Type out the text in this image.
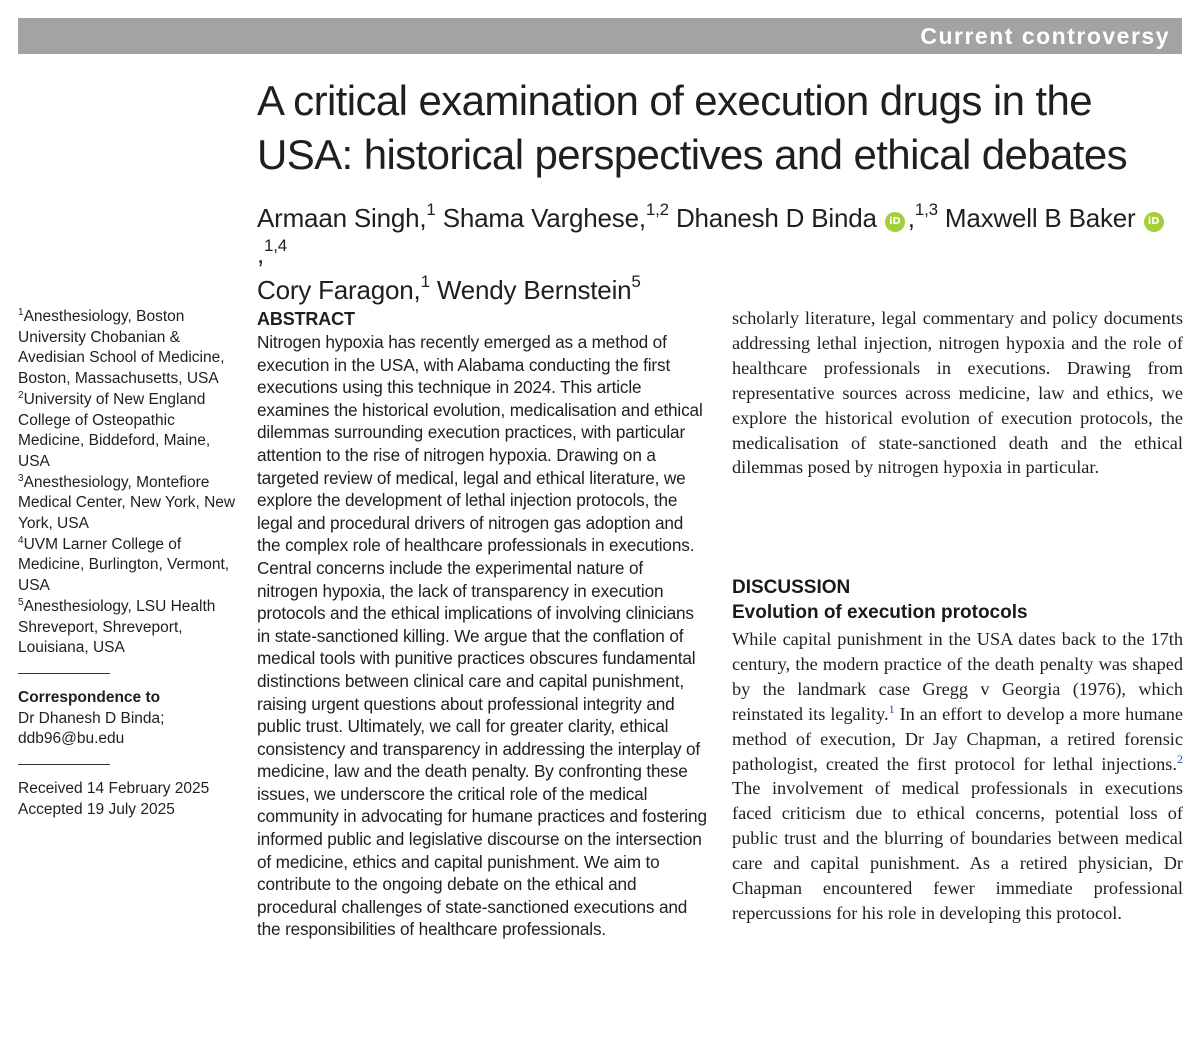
Current controversy
A critical examination of execution drugs in the USA: historical perspectives and ethical debates
Armaan Singh,$^1$ Shama Varghese,$^{1,2}$ Dhanesh D Binda iD ,$^{1,3}$ Maxwell B Baker iD,$^{1,4}$
Cory Faragon,$^1$ Wendy Bernstein$^5$

$^1$Anesthesiology, Boston University Chobanian & Avedisian School of Medicine, Boston, Massachusetts, USA

$^2$University of New England College of Osteopathic Medicine, Biddeford, Maine, USA

$^3$Anesthesiology, Montefiore Medical Center, New York, New York, USA

$^4$UVM Larner College of Medicine, Burlington, Vermont, USA

$^5$Anesthesiology, LSU Health Shreveport, Shreveport, Louisiana, USA

Correspondence to
Dr Dhanesh D Binda;
ddb96@bu.edu
Received 14 February 2025
Accepted 19 July 2025
ABSTRACT
Nitrogen hypoxia has recently emerged as a method of execution in the USA, with Alabama conducting the first executions using this technique in 2024. This article examines the historical evolution, medicalisation and ethical dilemmas surrounding execution practices, with particular attention to the rise of nitrogen hypoxia. Drawing on a targeted review of medical, legal and ethical literature, we explore the development of lethal injection protocols, the legal and procedural drivers of nitrogen gas adoption and the complex role of healthcare professionals in executions. Central concerns include the experimental nature of nitrogen hypoxia, the lack of transparency in execution protocols and the ethical implications of involving clinicians in state-sanctioned killing. We argue that the conflation of medical tools with punitive practices obscures fundamental distinctions between clinical care and capital punishment, raising urgent questions about professional integrity and public trust. Ultimately, we call for greater clarity, ethical consistency and transparency in addressing the interplay of medicine, law and the death penalty. By confronting these issues, we underscore the critical role of the medical community in advocating for humane practices and fostering informed public and legislative discourse on the intersection of medicine, ethics and capital punishment. We aim to contribute to the ongoing debate on the ethical and procedural challenges of state-sanctioned executions and the responsibilities of healthcare professionals.

scholarly literature, legal commentary and policy documents addressing lethal injection, nitrogen hypoxia and the role of healthcare professionals in executions. Drawing from representative sources across medicine, law and ethics, we explore the historical evolution of execution protocols, the medicalisation of state-sanctioned death and the ethical dilemmas posed by nitrogen hypoxia in particular.

DISCUSSION
Evolution of execution protocols

While capital punishment in the USA dates back to the 17th century, the modern practice of the death penalty was shaped by the landmark case Gregg v Georgia (1976), which reinstated its legality.$^1$ In an effort to develop a more humane method of execution, Dr Jay Chapman, a retired forensic pathologist, created the first protocol for lethal injections.$^2$ The involvement of medical professionals in executions faced criticism due to ethical concerns, potential loss of public trust and the blurring of boundaries between medical care and capital punishment. As a retired physician, Dr Chapman encountered fewer immediate professional repercussions for his role in developing this protocol.
